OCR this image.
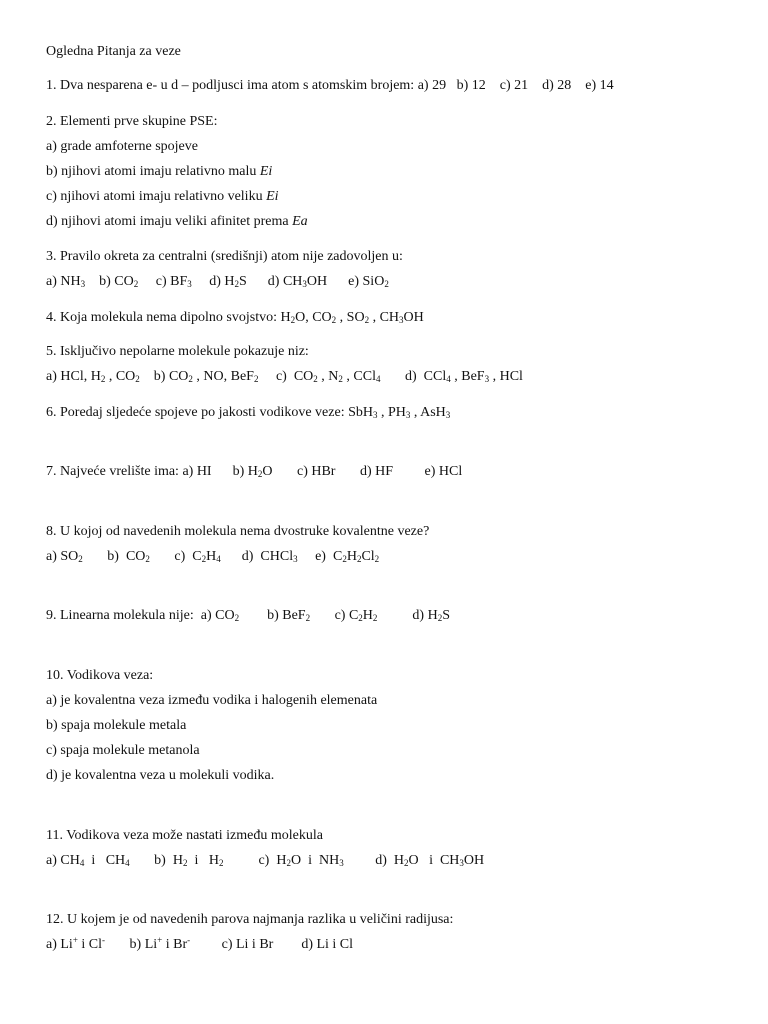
Ogledna Pitanja za veze
1. Dva nesparena e- u d – podljusci ima atom s atomskim brojem: a) 29   b) 12    c) 21    d) 28    e) 14
2. Elementi prve skupine PSE:
a) grade amfoterne spojeve
b) njihovi atomi imaju relativno malu Ei
c) njihovi atomi imaju relativno veliku Ei
d) njihovi atomi imaju veliki afinitet prema Ea
3. Pravilo okreta za centralni (središnji) atom nije zadovoljen u:
a) $NH_3$    b) $CO_2$     c) $BF_3$     d) $H_2S$      d) $CH_3OH$      e) SiO$_2$
4. Koja molekula nema dipolno svojstvo: $H_2O$, $CO_2$ , $SO_2$ , $CH_3OH$
5. Isključivo nepolarne molekule pokazuje niz:
a) HCl, $H_2$ , $CO_2$    b) $CO_2$ , NO, BeF$_2$     c)  $CO_2$ , $N_2$ , CCl$_4$       d)  CCl$_4$ , BeF$_3$ , HCl
6. Poredaj sljedeće spojeve po jakosti vodikove veze: SbH$_3$ , $PH_3$ , AsH$_3$
7. Najveće vrelište ima: a) HI      b) $H_2O$       c) HBr       d) HF         e) HCl
8. U kojoj od navedenih molekula nema dvostruke kovalentne veze?
a) $SO_2$       b)  $CO_2$       c)  $C_2H_4$      d)  CHCl$_3$     e)  $C_2H_2Cl_2$
9. Linearna molekula nije:  a) $CO_2$        b) BeF$_2$       c) $C_2H_2$          d) $H_2S$
10. Vodikova veza:
a) je kovalentna veza između vodika i halogenih elemenata
b) spaja molekule metala
c) spaja molekule metanola
d) je kovalentna veza u molekuli vodika.
11. Vodikova veza može nastati između molekula
a) $CH_4$  i   $CH_4$       b)  $H_2$  i   $H_2$          c)  $H_2O$  i  $NH_3$         d)  $H_2O$   i  $CH_3OH$
12. U kojem je od navedenih parova najmanja razlika u veličini radijusa:
a) Li+ i Cl-       b) Li+ i Br-         c) Li i Br        d) Li i Cl
